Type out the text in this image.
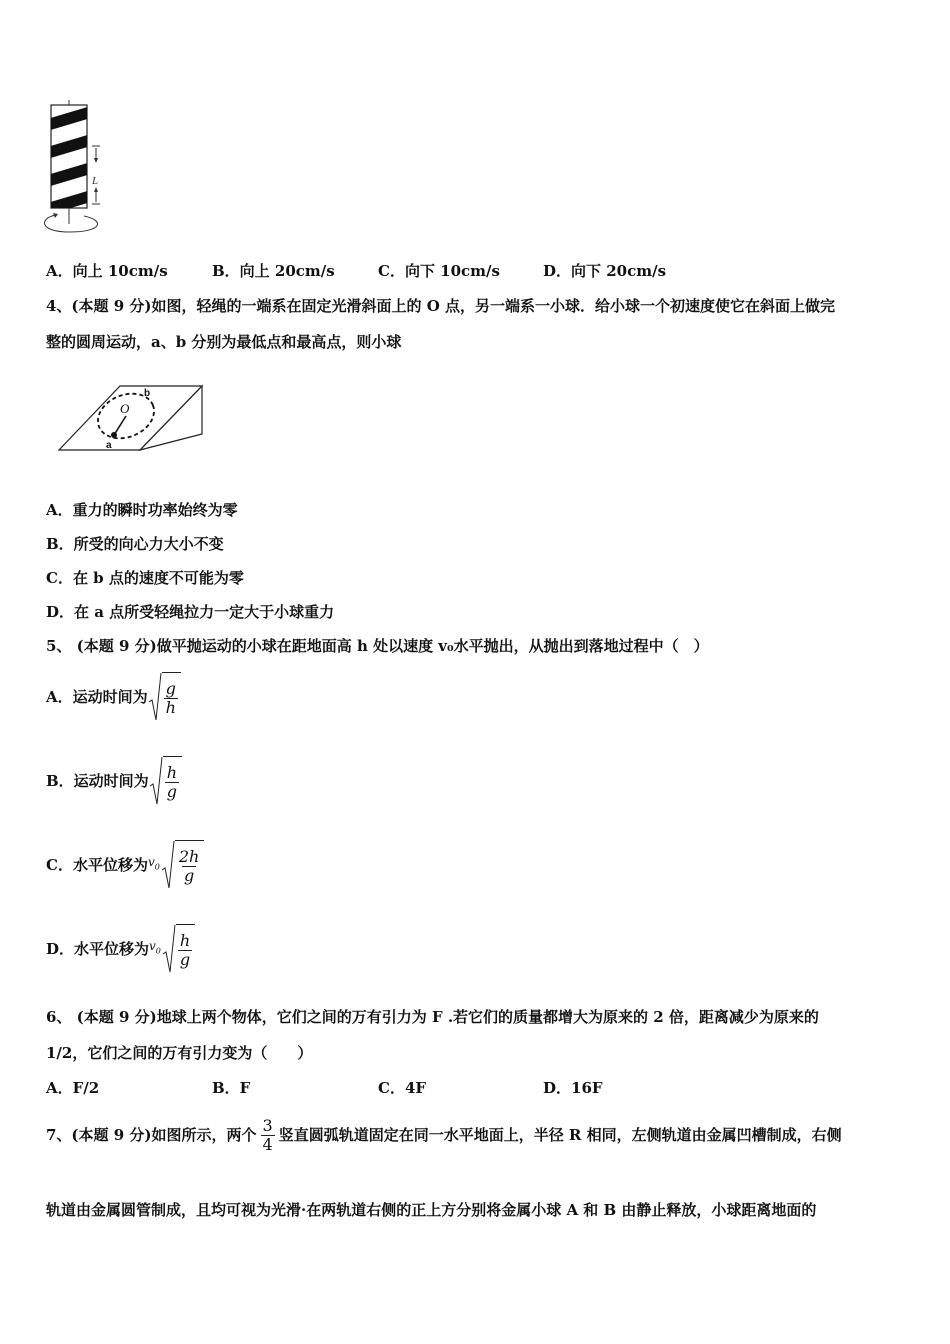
L
A．向上 10cm/s	B．向上 20cm/s	C．向下 10cm/s	D．向下 20cm/s
4、(本题 9 分)如图，轻绳的一端系在固定光滑斜面上的 O 点，另一端系一小球．给小球一个初速度使它在斜面上做完
整的圆周运动，a、b 分别为最低点和最高点，则小球
O
a
b
A．重力的瞬时功率始终为零
B．所受的向心力大小不变
C．在 b 点的速度不可能为零
D．在 a 点所受轻绳拉力一定大于小球重力
5、 (本题 9 分)做平抛运动的小球在距地面高 h 处以速度 v₀水平抛出，从抛出到落地过程中（　）
A．运动时间为 $\frac{g}{h}$
B．运动时间为 $\frac{h}{g}$
C．水平位移为 $v_0 \frac{2h}{g}$
D．水平位移为 $v_0 \frac{h}{g}$
6、 (本题 9 分)地球上两个物体，它们之间的万有引力为 F .若它们的质量都增大为原来的 2 倍，距离减少为原来的
1/2，它们之间的万有引力变为（　　）
A．F/2	B．F	C．4F	D．16F
7、(本题 9 分)如图所示，两个 $\frac{3}{4}$ 竖直圆弧轨道固定在同一水平地面上，半径 R 相同，左侧轨道由金属凹槽制成，右侧
轨道由金属圆管制成，且均可视为光滑·在两轨道右侧的正上方分别将金属小球 A 和 B 由静止释放，小球距离地面的
